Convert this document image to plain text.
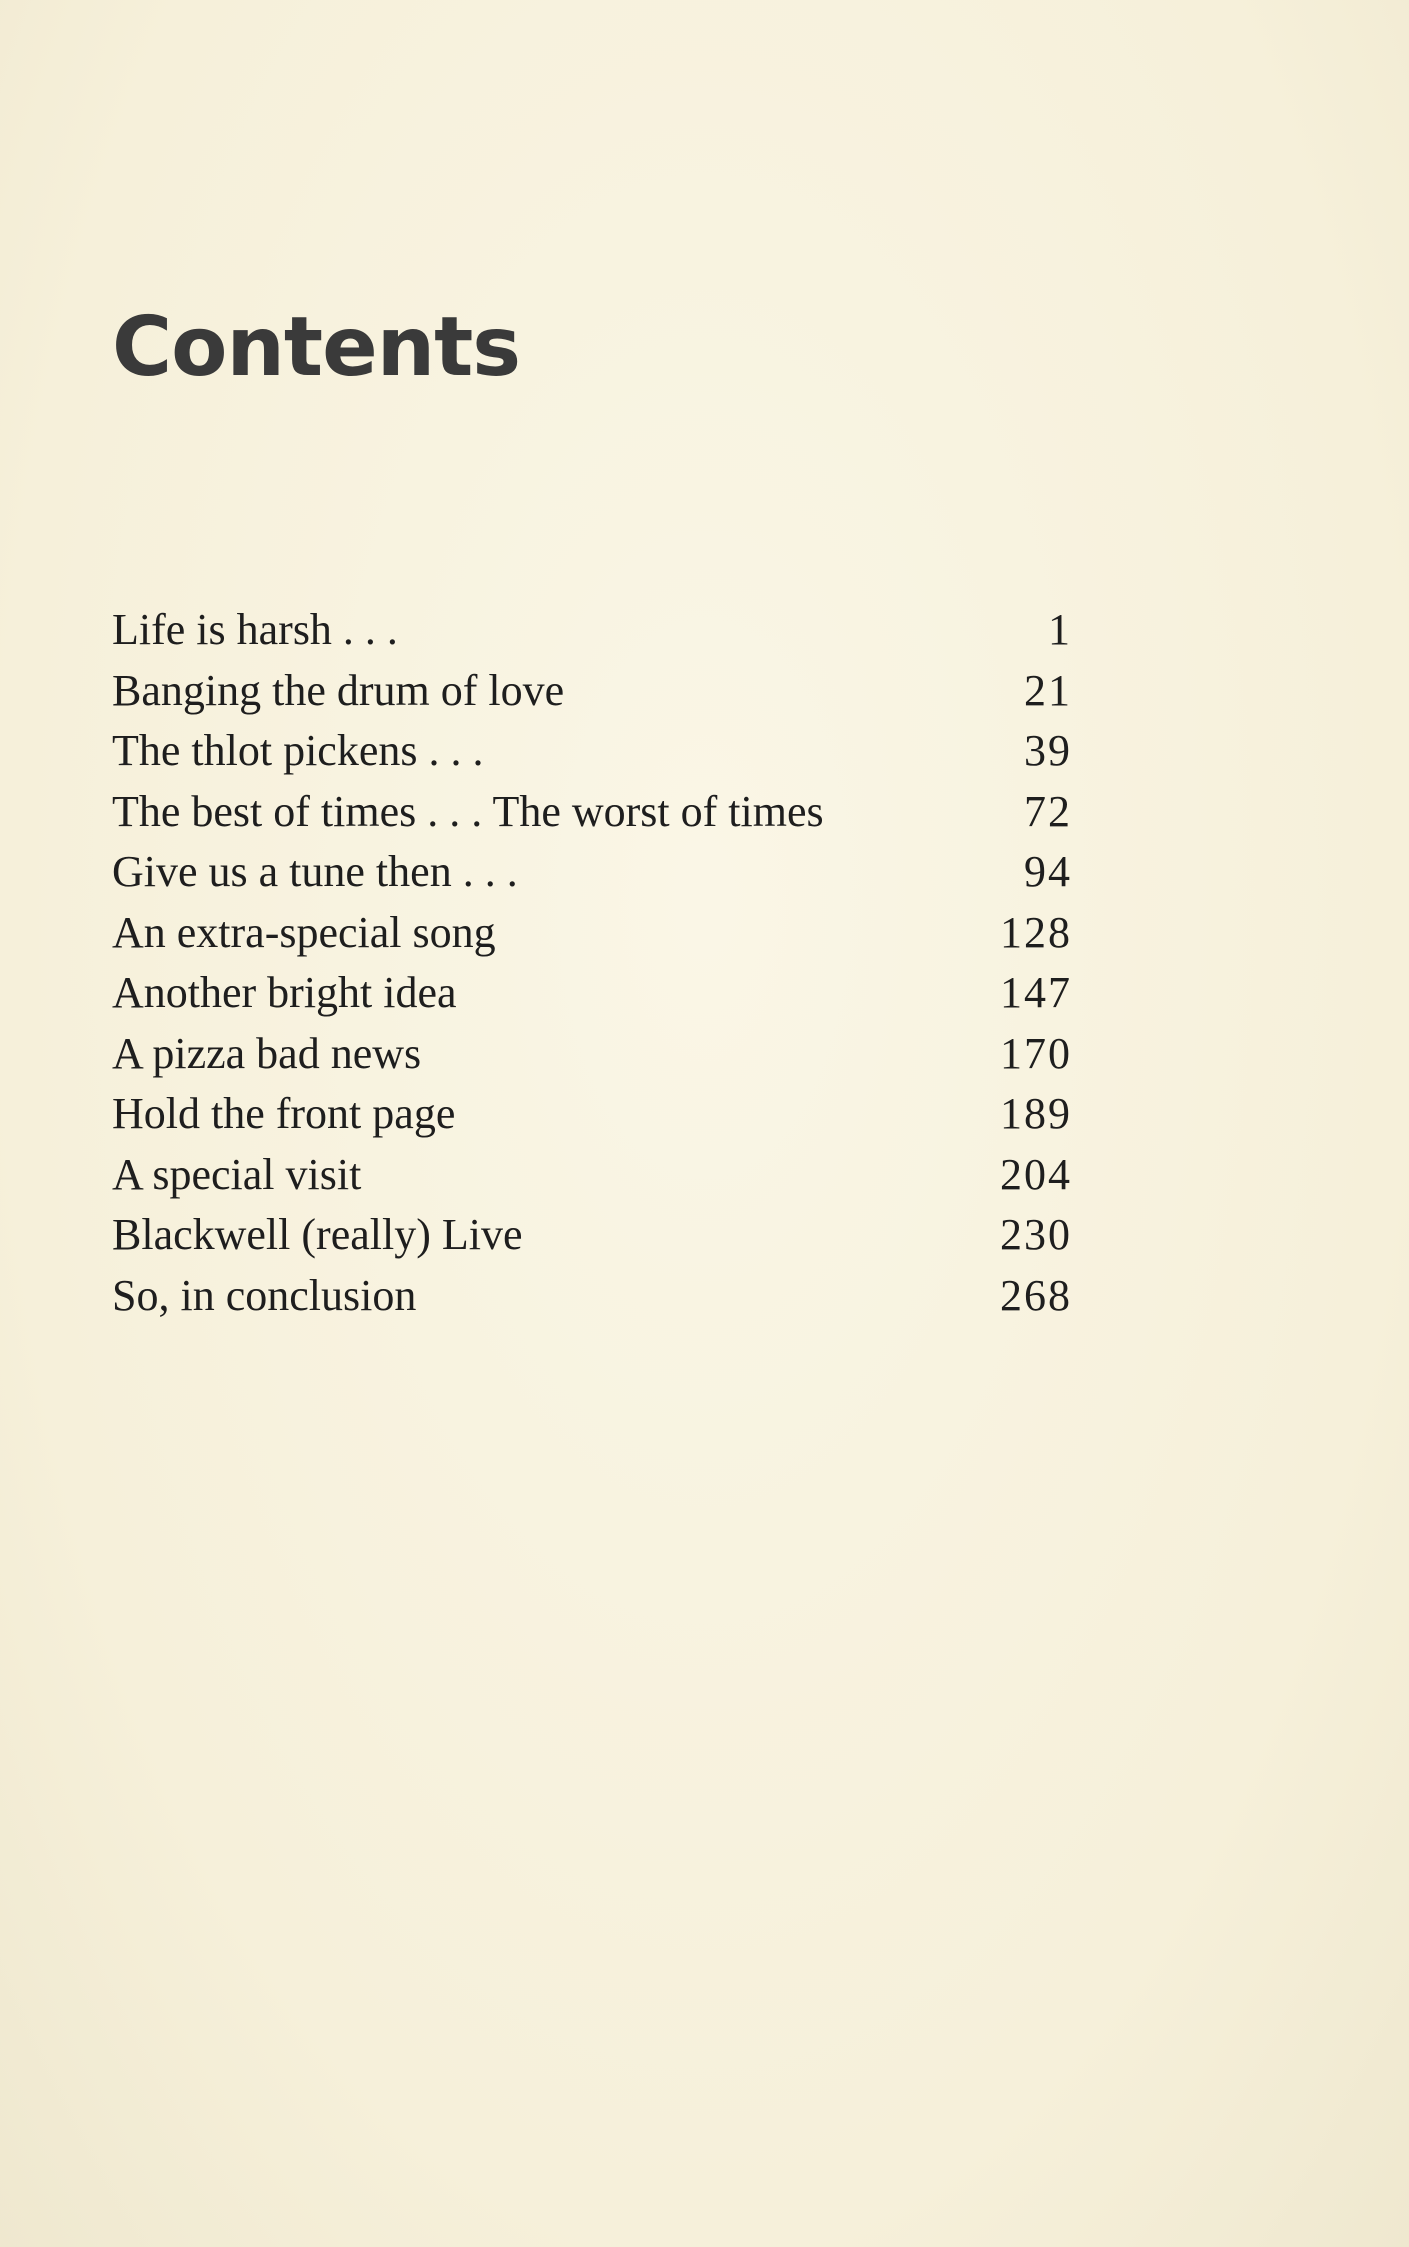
Contents
Life is harsh . . .	1
Banging the drum of love	21
The thlot pickens . . .	39
The best of times . . . The worst of times	72
Give us a tune then . . .	94
An extra-special song	128
Another bright idea	147
A pizza bad news	170
Hold the front page	189
A special visit	204
Blackwell (really) Live	230
So, in conclusion	268
